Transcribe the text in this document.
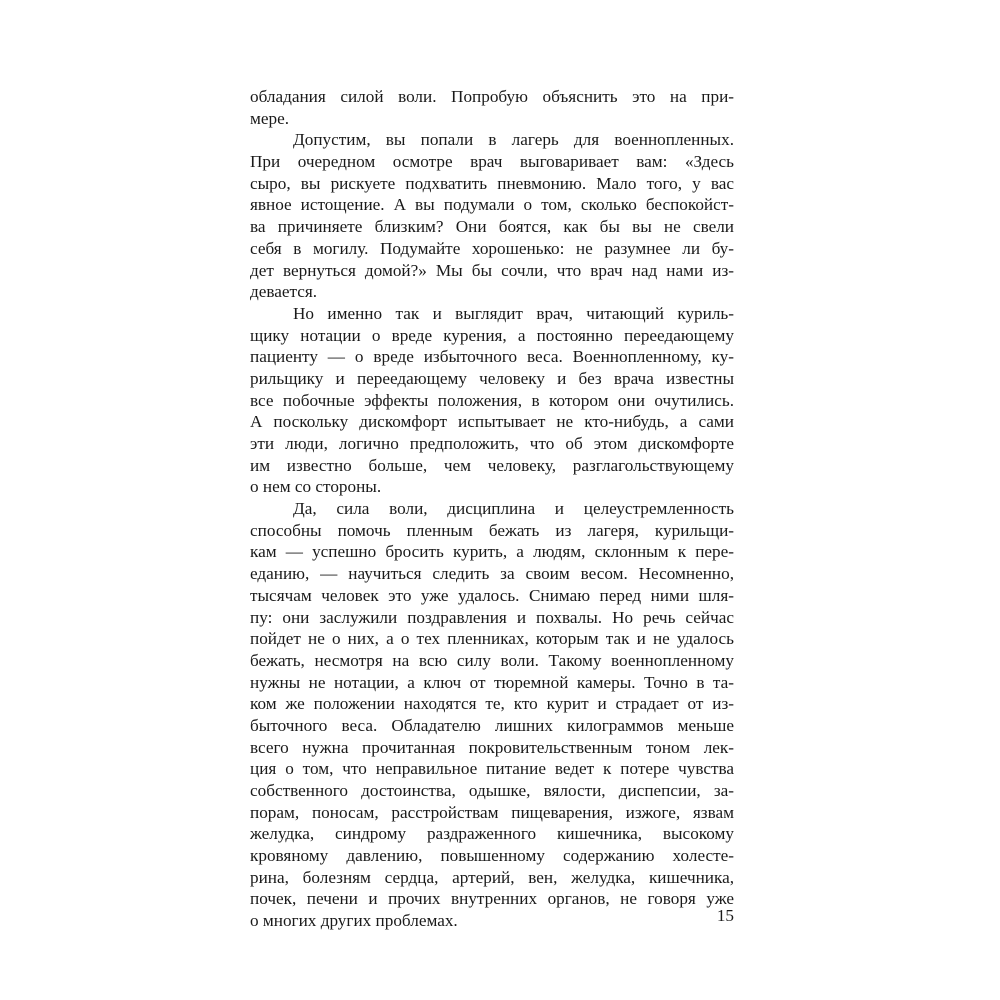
обладания силой воли. Попробую объяснить это на при-
мере.
Допустим, вы попали в лагерь для военнопленных.
При очередном осмотре врач выговаривает вам: «Здесь
сыро, вы рискуете подхватить пневмонию. Мало того, у вас
явное истощение. А вы подумали о том, сколько беспокойст-
ва причиняете близким? Они боятся, как бы вы не свели
себя в могилу. Подумайте хорошенько: не разумнее ли бу-
дет вернуться домой?» Мы бы сочли, что врач над нами из-
девается.
Но именно так и выглядит врач, читающий куриль-
щику нотации о вреде курения, а постоянно переедающему
пациенту — о вреде избыточного веса. Военнопленному, ку-
рильщику и переедающему человеку и без врача известны
все побочные эффекты положения, в котором они очутились.
А поскольку дискомфорт испытывает не кто-нибудь, а сами
эти люди, логично предположить, что об этом дискомфорте
им известно больше, чем человеку, разглагольствующему
о нем со стороны.
Да, сила воли, дисциплина и целеустремленность
способны помочь пленным бежать из лагеря, курильщи-
кам — успешно бросить курить, а людям, склонным к пере-
еданию, — научиться следить за своим весом. Несомненно,
тысячам человек это уже удалось. Снимаю перед ними шля-
пу: они заслужили поздравления и похвалы. Но речь сейчас
пойдет не о них, а о тех пленниках, которым так и не удалось
бежать, несмотря на всю силу воли. Такому военнопленному
нужны не нотации, а ключ от тюремной камеры. Точно в та-
ком же положении находятся те, кто курит и страдает от из-
быточного веса. Обладателю лишних килограммов меньше
всего нужна прочитанная покровительственным тоном лек-
ция о том, что неправильное питание ведет к потере чувства
собственного достоинства, одышке, вялости, диспепсии, за-
порам, поносам, расстройствам пищеварения, изжоге, язвам
желудка, синдрому раздраженного кишечника, высокому
кровяному давлению, повышенному содержанию холесте-
рина, болезням сердца, артерий, вен, желудка, кишечника,
почек, печени и прочих внутренних органов, не говоря уже
о многих других проблемах.	15
